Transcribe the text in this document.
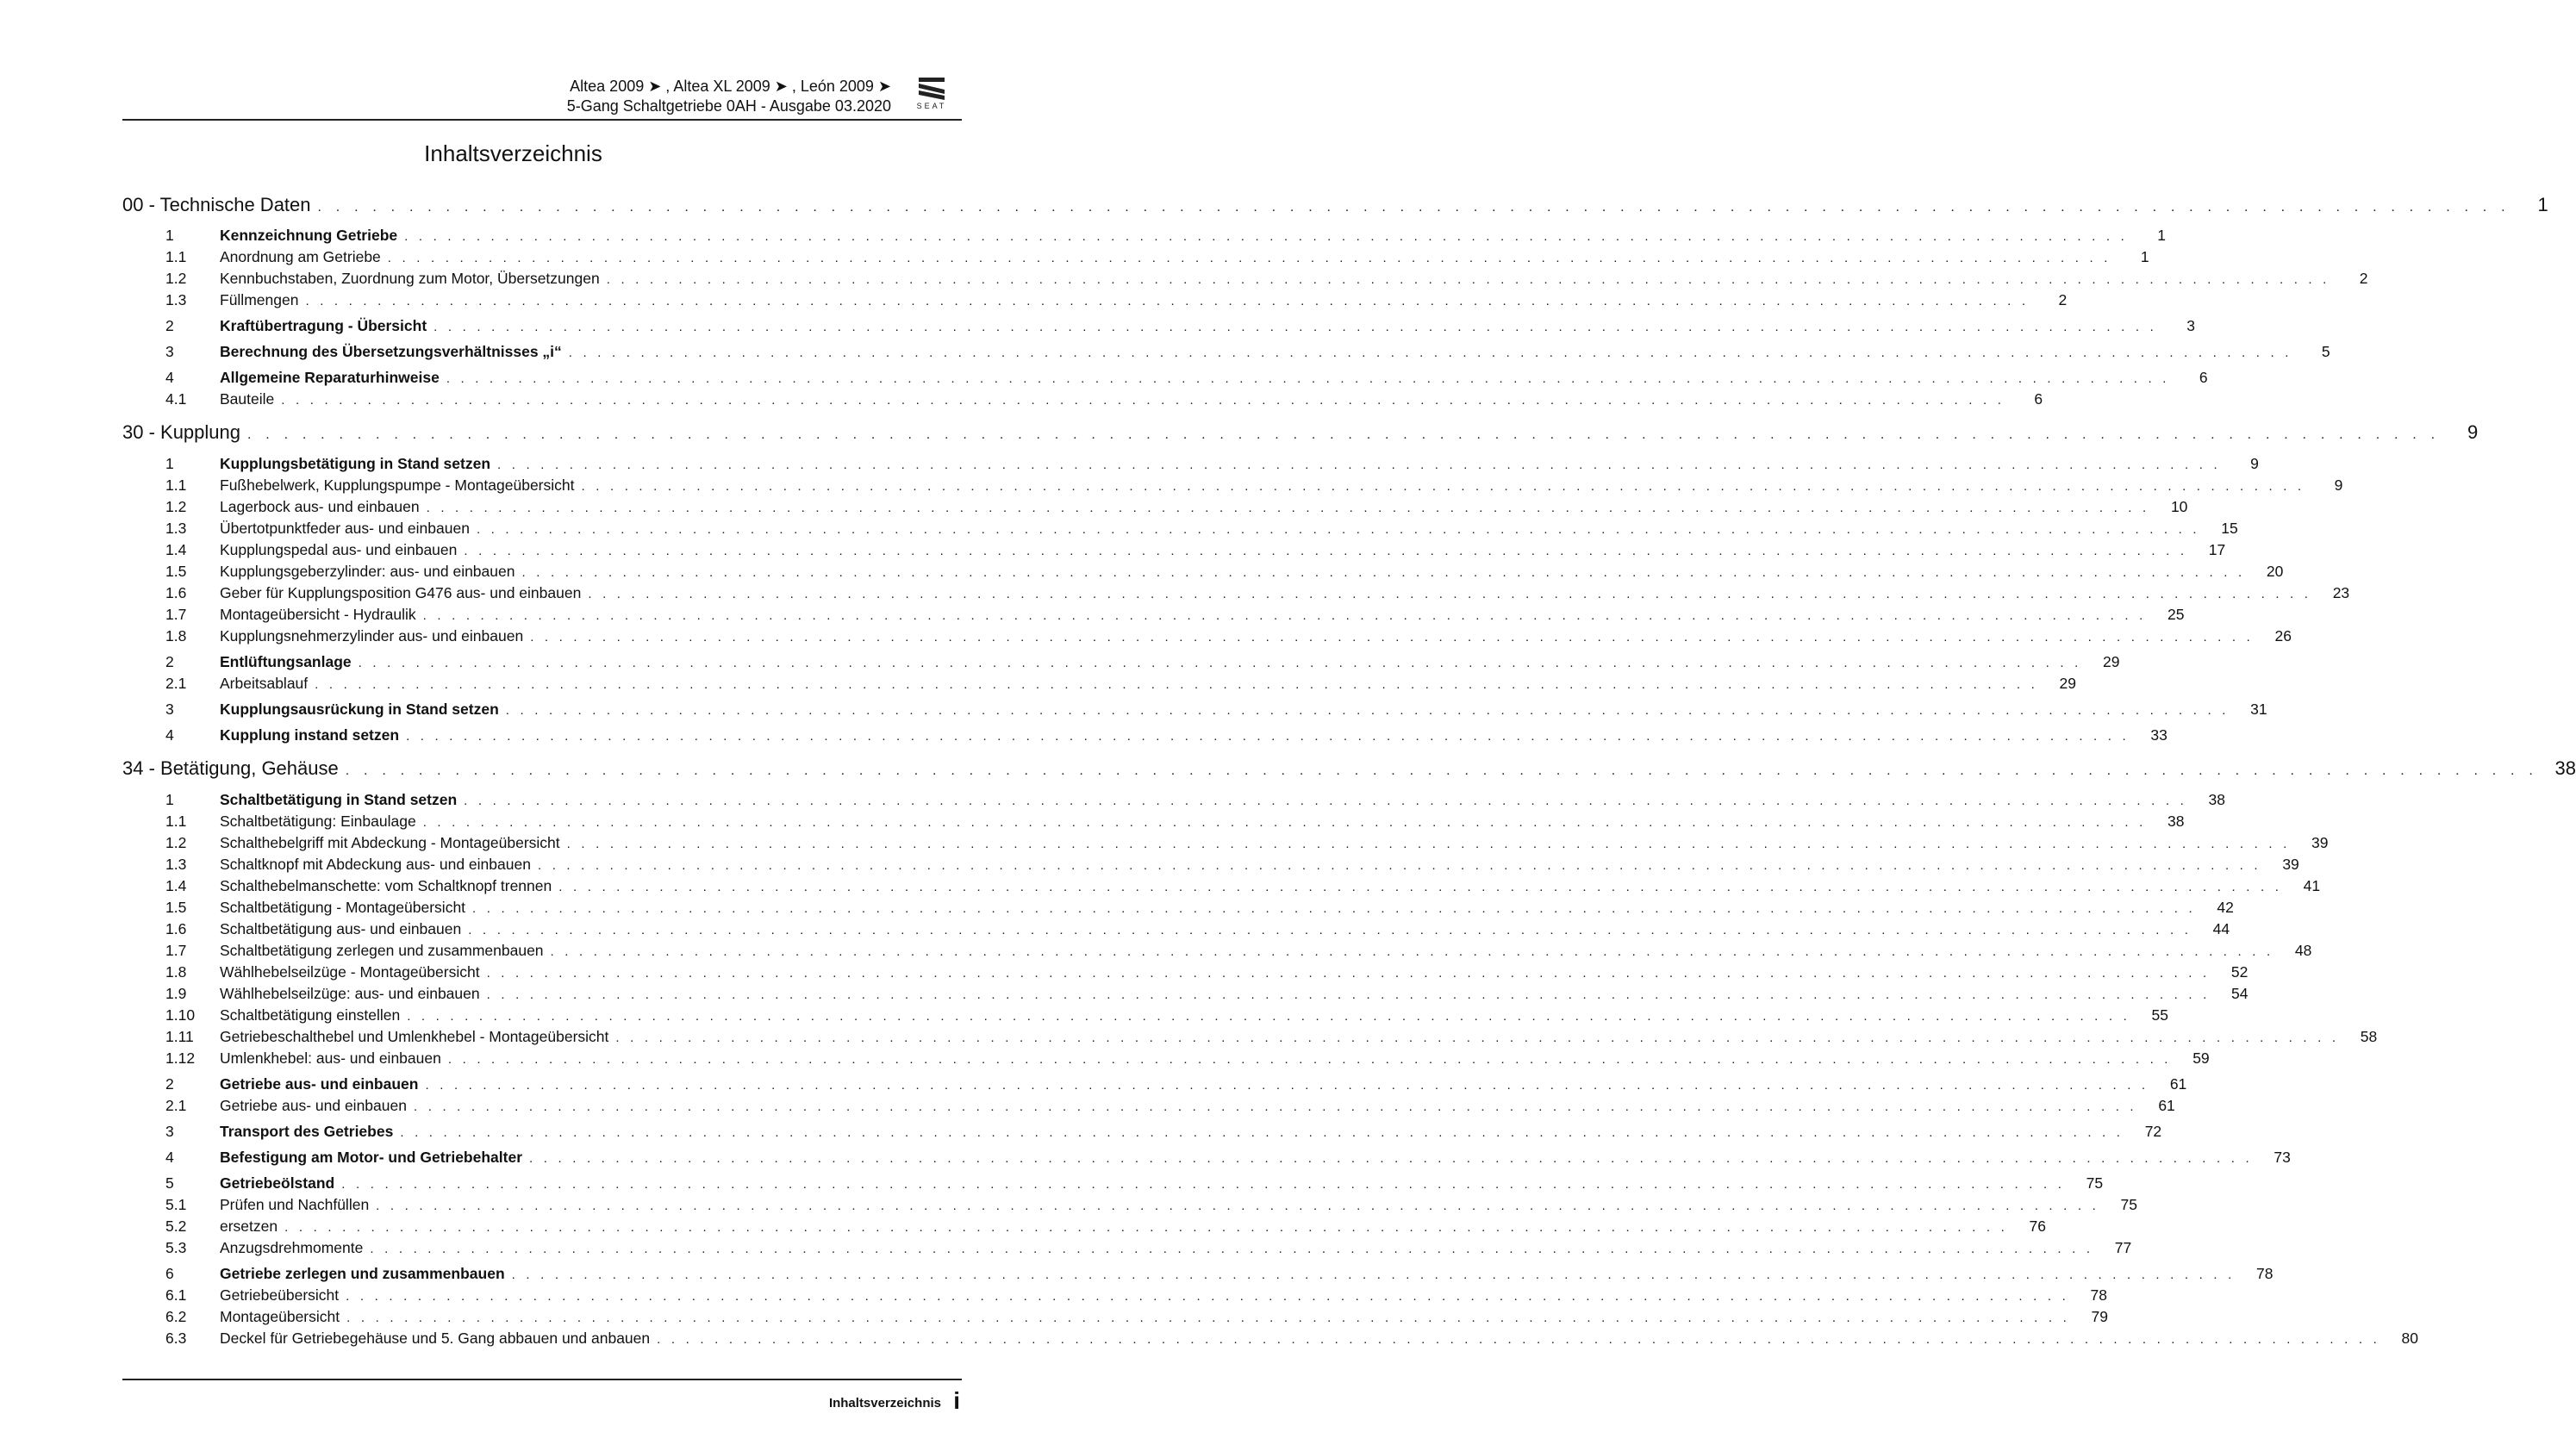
Altea 2009 ➤ , Altea XL 2009 ➤ , León 2009 ➤
5-Gang Schaltgetriebe 0AH - Ausgabe 03.2020	SEAT
Inhaltsverzeichnis
00 - Technische Daten . . . . . . . . . . . . . . . . . . . . . . . . . . . . . . . . . . . . . . . . . . . . . . . . . . . . . . . . . . . . . . . . . . . . . . . . . . . . . . . . . . . . . . . . . . . . . . . . . . . . . . . . . . . . . . . . . . . . . . . .	1
1	Kennzeichnung Getriebe . . . . . . . . . . . . . . . . . . . . . . . . . . . . . . . . . . . . . . . . . . . . . . . . . . . . . . . . . . . . . . . . . . . . . . . . . . . . . . . . . . . . . . . . . . . . . . . . . . . . . . . . . . . . . . . . . . . . . . . .	1
1.1	Anordnung am Getriebe . . . . . . . . . . . . . . . . . . . . . . . . . . . . . . . . . . . . . . . . . . . . . . . . . . . . . . . . . . . . . . . . . . . . . . . . . . . . . . . . . . . . . . . . . . . . . . . . . . . . . . . . . . . . . . . . . . . . . . . .	1
1.2	Kennbuchstaben, Zuordnung zum Motor, Übersetzungen . . . . . . . . . . . . . . . . . . . . . . . . . . . . . . . . . . . . . . . . . . . . . . . . . . . . . . . . . . . . . . . . . . . . . . . . . . . . . . . . . . . . . . . . . . . . . . . . . . . . . . . . . . . . . . . . . . . . . . . .	2
1.3	Füllmengen . . . . . . . . . . . . . . . . . . . . . . . . . . . . . . . . . . . . . . . . . . . . . . . . . . . . . . . . . . . . . . . . . . . . . . . . . . . . . . . . . . . . . . . . . . . . . . . . . . . . . . . . . . . . . . . . . . . . . . . .	2
2	Kraftübertragung - Übersicht . . . . . . . . . . . . . . . . . . . . . . . . . . . . . . . . . . . . . . . . . . . . . . . . . . . . . . . . . . . . . . . . . . . . . . . . . . . . . . . . . . . . . . . . . . . . . . . . . . . . . . . . . . . . . . . . . . . . . . . .	3
3	Berechnung des Übersetzungsverhältnisses „i“ . . . . . . . . . . . . . . . . . . . . . . . . . . . . . . . . . . . . . . . . . . . . . . . . . . . . . . . . . . . . . . . . . . . . . . . . . . . . . . . . . . . . . . . . . . . . . . . . . . . . . . . . . . . . . . . . . . . . . . . .	5
4	Allgemeine Reparaturhinweise . . . . . . . . . . . . . . . . . . . . . . . . . . . . . . . . . . . . . . . . . . . . . . . . . . . . . . . . . . . . . . . . . . . . . . . . . . . . . . . . . . . . . . . . . . . . . . . . . . . . . . . . . . . . . . . . . . . . . . . .	6
4.1	Bauteile . . . . . . . . . . . . . . . . . . . . . . . . . . . . . . . . . . . . . . . . . . . . . . . . . . . . . . . . . . . . . . . . . . . . . . . . . . . . . . . . . . . . . . . . . . . . . . . . . . . . . . . . . . . . . . . . . . . . . . . .	6
30 - Kupplung . . . . . . . . . . . . . . . . . . . . . . . . . . . . . . . . . . . . . . . . . . . . . . . . . . . . . . . . . . . . . . . . . . . . . . . . . . . . . . . . . . . . . . . . . . . . . . . . . . . . . . . . . . . . . . . . . . . . . . . .	9
1	Kupplungsbetätigung in Stand setzen . . . . . . . . . . . . . . . . . . . . . . . . . . . . . . . . . . . . . . . . . . . . . . . . . . . . . . . . . . . . . . . . . . . . . . . . . . . . . . . . . . . . . . . . . . . . . . . . . . . . . . . . . . . . . . . . . . . . . . . .	9
1.1	Fußhebelwerk, Kupplungspumpe - Montageübersicht . . . . . . . . . . . . . . . . . . . . . . . . . . . . . . . . . . . . . . . . . . . . . . . . . . . . . . . . . . . . . . . . . . . . . . . . . . . . . . . . . . . . . . . . . . . . . . . . . . . . . . . . . . . . . . . . . . . . . . . .	9
1.2	Lagerbock aus- und einbauen . . . . . . . . . . . . . . . . . . . . . . . . . . . . . . . . . . . . . . . . . . . . . . . . . . . . . . . . . . . . . . . . . . . . . . . . . . . . . . . . . . . . . . . . . . . . . . . . . . . . . . . . . . . . . . . . . . . . . . . .	10
1.3	Übertotpunktfeder aus- und einbauen . . . . . . . . . . . . . . . . . . . . . . . . . . . . . . . . . . . . . . . . . . . . . . . . . . . . . . . . . . . . . . . . . . . . . . . . . . . . . . . . . . . . . . . . . . . . . . . . . . . . . . . . . . . . . . . . . . . . . . . .	15
1.4	Kupplungspedal aus- und einbauen . . . . . . . . . . . . . . . . . . . . . . . . . . . . . . . . . . . . . . . . . . . . . . . . . . . . . . . . . . . . . . . . . . . . . . . . . . . . . . . . . . . . . . . . . . . . . . . . . . . . . . . . . . . . . . . . . . . . . . . .	17
1.5	Kupplungsgeberzylinder: aus- und einbauen . . . . . . . . . . . . . . . . . . . . . . . . . . . . . . . . . . . . . . . . . . . . . . . . . . . . . . . . . . . . . . . . . . . . . . . . . . . . . . . . . . . . . . . . . . . . . . . . . . . . . . . . . . . . . . . . . . . . . . . .	20
1.6	Geber für Kupplungsposition G476 aus- und einbauen . . . . . . . . . . . . . . . . . . . . . . . . . . . . . . . . . . . . . . . . . . . . . . . . . . . . . . . . . . . . . . . . . . . . . . . . . . . . . . . . . . . . . . . . . . . . . . . . . . . . . . . . . . . . . . . . . . . . . . . .	23
1.7	Montageübersicht - Hydraulik . . . . . . . . . . . . . . . . . . . . . . . . . . . . . . . . . . . . . . . . . . . . . . . . . . . . . . . . . . . . . . . . . . . . . . . . . . . . . . . . . . . . . . . . . . . . . . . . . . . . . . . . . . . . . . . . . . . . . . . .	25
1.8	Kupplungsnehmerzylinder aus- und einbauen . . . . . . . . . . . . . . . . . . . . . . . . . . . . . . . . . . . . . . . . . . . . . . . . . . . . . . . . . . . . . . . . . . . . . . . . . . . . . . . . . . . . . . . . . . . . . . . . . . . . . . . . . . . . . . . . . . . . . . . .	26
2	Entlüftungsanlage . . . . . . . . . . . . . . . . . . . . . . . . . . . . . . . . . . . . . . . . . . . . . . . . . . . . . . . . . . . . . . . . . . . . . . . . . . . . . . . . . . . . . . . . . . . . . . . . . . . . . . . . . . . . . . . . . . . . . . . .	29
2.1	Arbeitsablauf . . . . . . . . . . . . . . . . . . . . . . . . . . . . . . . . . . . . . . . . . . . . . . . . . . . . . . . . . . . . . . . . . . . . . . . . . . . . . . . . . . . . . . . . . . . . . . . . . . . . . . . . . . . . . . . . . . . . . . . .	29
3	Kupplungsausrückung in Stand setzen . . . . . . . . . . . . . . . . . . . . . . . . . . . . . . . . . . . . . . . . . . . . . . . . . . . . . . . . . . . . . . . . . . . . . . . . . . . . . . . . . . . . . . . . . . . . . . . . . . . . . . . . . . . . . . . . . . . . . . . .	31
4	Kupplung instand setzen . . . . . . . . . . . . . . . . . . . . . . . . . . . . . . . . . . . . . . . . . . . . . . . . . . . . . . . . . . . . . . . . . . . . . . . . . . . . . . . . . . . . . . . . . . . . . . . . . . . . . . . . . . . . . . . . . . . . . . . .	33
34 - Betätigung, Gehäuse . . . . . . . . . . . . . . . . . . . . . . . . . . . . . . . . . . . . . . . . . . . . . . . . . . . . . . . . . . . . . . . . . . . . . . . . . . . . . . . . . . . . . . . . . . . . . . . . . . . . . . . . . . . . . . . . . . . . . . . . 38
1	Schaltbetätigung in Stand setzen . . . . . . . . . . . . . . . . . . . . . . . . . . . . . . . . . . . . . . . . . . . . . . . . . . . . . . . . . . . . . . . . . . . . . . . . . . . . . . . . . . . . . . . . . . . . . . . . . . . . . . . . . . . . . . . . . . . . . . . .	38
1.1	Schaltbetätigung: Einbaulage . . . . . . . . . . . . . . . . . . . . . . . . . . . . . . . . . . . . . . . . . . . . . . . . . . . . . . . . . . . . . . . . . . . . . . . . . . . . . . . . . . . . . . . . . . . . . . . . . . . . . . . . . . . . . . . . . . . . . . . .	38
1.2	Schalthebelgriff mit Abdeckung - Montageübersicht . . . . . . . . . . . . . . . . . . . . . . . . . . . . . . . . . . . . . . . . . . . . . . . . . . . . . . . . . . . . . . . . . . . . . . . . . . . . . . . . . . . . . . . . . . . . . . . . . . . . . . . . . . . . . . . . . . . . . . . .	39
1.3	Schaltknopf mit Abdeckung aus- und einbauen . . . . . . . . . . . . . . . . . . . . . . . . . . . . . . . . . . . . . . . . . . . . . . . . . . . . . . . . . . . . . . . . . . . . . . . . . . . . . . . . . . . . . . . . . . . . . . . . . . . . . . . . . . . . . . . . . . . . . . . .	39
1.4	Schalthebelmanschette: vom Schaltknopf trennen . . . . . . . . . . . . . . . . . . . . . . . . . . . . . . . . . . . . . . . . . . . . . . . . . . . . . . . . . . . . . . . . . . . . . . . . . . . . . . . . . . . . . . . . . . . . . . . . . . . . . . . . . . . . . . . . . . . . . . . .	41
1.5	Schaltbetätigung - Montageübersicht . . . . . . . . . . . . . . . . . . . . . . . . . . . . . . . . . . . . . . . . . . . . . . . . . . . . . . . . . . . . . . . . . . . . . . . . . . . . . . . . . . . . . . . . . . . . . . . . . . . . . . . . . . . . . . . . . . . . . . . .	42
1.6	Schaltbetätigung aus- und einbauen . . . . . . . . . . . . . . . . . . . . . . . . . . . . . . . . . . . . . . . . . . . . . . . . . . . . . . . . . . . . . . . . . . . . . . . . . . . . . . . . . . . . . . . . . . . . . . . . . . . . . . . . . . . . . . . . . . . . . . . .	44
1.7	Schaltbetätigung zerlegen und zusammenbauen . . . . . . . . . . . . . . . . . . . . . . . . . . . . . . . . . . . . . . . . . . . . . . . . . . . . . . . . . . . . . . . . . . . . . . . . . . . . . . . . . . . . . . . . . . . . . . . . . . . . . . . . . . . . . . . . . . . . . . . .	48
1.8	Wählhebelseilzüge - Montageübersicht . . . . . . . . . . . . . . . . . . . . . . . . . . . . . . . . . . . . . . . . . . . . . . . . . . . . . . . . . . . . . . . . . . . . . . . . . . . . . . . . . . . . . . . . . . . . . . . . . . . . . . . . . . . . . . . . . . . . . . . .	52
1.9	Wählhebelseilzüge: aus- und einbauen . . . . . . . . . . . . . . . . . . . . . . . . . . . . . . . . . . . . . . . . . . . . . . . . . . . . . . . . . . . . . . . . . . . . . . . . . . . . . . . . . . . . . . . . . . . . . . . . . . . . . . . . . . . . . . . . . . . . . . . .	54
1.10	Schaltbetätigung einstellen . . . . . . . . . . . . . . . . . . . . . . . . . . . . . . . . . . . . . . . . . . . . . . . . . . . . . . . . . . . . . . . . . . . . . . . . . . . . . . . . . . . . . . . . . . . . . . . . . . . . . . . . . . . . . . . . . . . . . . . .	55
1.11	Getriebeschalthebel und Umlenkhebel - Montageübersicht . . . . . . . . . . . . . . . . . . . . . . . . . . . . . . . . . . . . . . . . . . . . . . . . . . . . . . . . . . . . . . . . . . . . . . . . . . . . . . . . . . . . . . . . . . . . . . . . . . . . . . . . . . . . . . . . . . . . . . . .	58
1.12	Umlenkhebel: aus- und einbauen . . . . . . . . . . . . . . . . . . . . . . . . . . . . . . . . . . . . . . . . . . . . . . . . . . . . . . . . . . . . . . . . . . . . . . . . . . . . . . . . . . . . . . . . . . . . . . . . . . . . . . . . . . . . . . . . . . . . . . . .	59
2	Getriebe aus- und einbauen . . . . . . . . . . . . . . . . . . . . . . . . . . . . . . . . . . . . . . . . . . . . . . . . . . . . . . . . . . . . . . . . . . . . . . . . . . . . . . . . . . . . . . . . . . . . . . . . . . . . . . . . . . . . . . . . . . . . . . . .	61
2.1	Getriebe aus- und einbauen . . . . . . . . . . . . . . . . . . . . . . . . . . . . . . . . . . . . . . . . . . . . . . . . . . . . . . . . . . . . . . . . . . . . . . . . . . . . . . . . . . . . . . . . . . . . . . . . . . . . . . . . . . . . . . . . . . . . . . . .	61
3	Transport des Getriebes . . . . . . . . . . . . . . . . . . . . . . . . . . . . . . . . . . . . . . . . . . . . . . . . . . . . . . . . . . . . . . . . . . . . . . . . . . . . . . . . . . . . . . . . . . . . . . . . . . . . . . . . . . . . . . . . . . . . . . . .	72
4	Befestigung am Motor- und Getriebehalter . . . . . . . . . . . . . . . . . . . . . . . . . . . . . . . . . . . . . . . . . . . . . . . . . . . . . . . . . . . . . . . . . . . . . . . . . . . . . . . . . . . . . . . . . . . . . . . . . . . . . . . . . . . . . . . . . . . . . . . .	73
5	Getriebeölstand . . . . . . . . . . . . . . . . . . . . . . . . . . . . . . . . . . . . . . . . . . . . . . . . . . . . . . . . . . . . . . . . . . . . . . . . . . . . . . . . . . . . . . . . . . . . . . . . . . . . . . . . . . . . . . . . . . . . . . . .	75
5.1	Prüfen und Nachfüllen . . . . . . . . . . . . . . . . . . . . . . . . . . . . . . . . . . . . . . . . . . . . . . . . . . . . . . . . . . . . . . . . . . . . . . . . . . . . . . . . . . . . . . . . . . . . . . . . . . . . . . . . . . . . . . . . . . . . . . . .	75
5.2	ersetzen . . . . . . . . . . . . . . . . . . . . . . . . . . . . . . . . . . . . . . . . . . . . . . . . . . . . . . . . . . . . . . . . . . . . . . . . . . . . . . . . . . . . . . . . . . . . . . . . . . . . . . . . . . . . . . . . . . . . . . . .	76
5.3	Anzugsdrehmomente . . . . . . . . . . . . . . . . . . . . . . . . . . . . . . . . . . . . . . . . . . . . . . . . . . . . . . . . . . . . . . . . . . . . . . . . . . . . . . . . . . . . . . . . . . . . . . . . . . . . . . . . . . . . . . . . . . . . . . . .	77
6	Getriebe zerlegen und zusammenbauen . . . . . . . . . . . . . . . . . . . . . . . . . . . . . . . . . . . . . . . . . . . . . . . . . . . . . . . . . . . . . . . . . . . . . . . . . . . . . . . . . . . . . . . . . . . . . . . . . . . . . . . . . . . . . . . . . . . . . . . .	78
6.1	Getriebeübersicht . . . . . . . . . . . . . . . . . . . . . . . . . . . . . . . . . . . . . . . . . . . . . . . . . . . . . . . . . . . . . . . . . . . . . . . . . . . . . . . . . . . . . . . . . . . . . . . . . . . . . . . . . . . . . . . . . . . . . . . .	78
6.2	Montageübersicht . . . . . . . . . . . . . . . . . . . . . . . . . . . . . . . . . . . . . . . . . . . . . . . . . . . . . . . . . . . . . . . . . . . . . . . . . . . . . . . . . . . . . . . . . . . . . . . . . . . . . . . . . . . . . . . . . . . . . . . .	79
6.3	Deckel für Getriebegehäuse und 5. Gang abbauen und anbauen . . . . . . . . . . . . . . . . . . . . . . . . . . . . . . . . . . . . . . . . . . . . . . . . . . . . . . . . . . . . . . . . . . . . . . . . . . . . . . . . . . . . . . . . . . . . . . . . . . . . . . . . . . . . . . . . . . . . . . . .	80
Inhaltsverzeichnis i
